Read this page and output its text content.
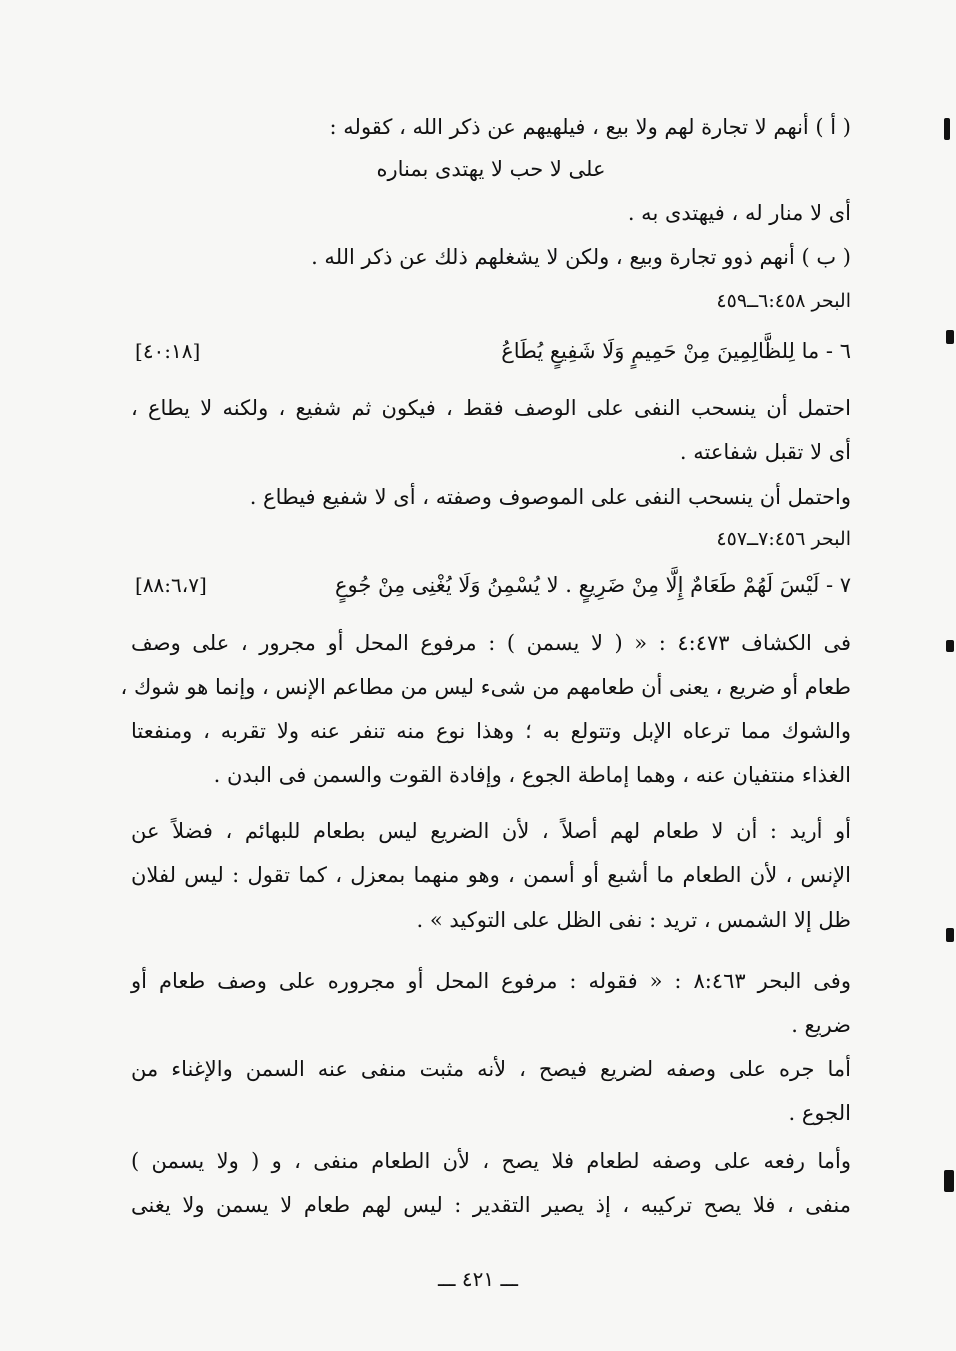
( أ ) أنهم لا تجارة لهم ولا بيع ، فيلهيهم عن ذكر الله ، كقوله :
على لا حب لا يهتدى بمناره
أى لا منار له ، فيهتدى به .
( ب ) أنهم ذوو تجارة وبيع ، ولكن لا يشغلهم ذلك عن ذكر الله .
البحر ٦:٤٥٨ــ٤٥٩
٦ - ما لِلظَّالِمِينَ مِنْ حَمِيمٍ وَلَا شَفِيعٍ يُطَاعُ
[٤٠:١٨]
احتمل أن ينسحب النفى على الوصف فقط ، فيكون ثم شفيع ، ولكنه لا يطاع ،
أى لا تقبل شفاعته .
واحتمل أن ينسحب النفى على الموصوف وصفته ، أى لا شفيع فيطاع .
البحر ٧:٤٥٦ــ٤٥٧
٧ - لَيْسَ لَهُمْ طَعَامٌ إِلَّا مِنْ ضَرِيعٍ . لا يُسْمِنُ وَلَا يُغْنِى مِنْ جُوعٍ
[٨٨:٦،٧]
فى الكشاف ٤:٤٧٣ : « ( لا يسمن ) : مرفوع المحل أو مجرور ، على وصف
طعام أو ضريع ، يعنى أن طعامهم من شىء ليس من مطاعم الإنس ، وإنما هو شوك ،
والشوك مما ترعاه الإبل وتتولع به ؛ وهذا نوع منه تنفر عنه ولا تقربه ، ومنفعتا
الغذاء منتفيان عنه ، وهما إماطة الجوع ، وإفادة القوت والسمن فى البدن .
أو أريد : أن لا طعام لهم أصلاً ، لأن الضريع ليس بطعام للبهائم ، فضلاً عن
الإنس ، لأن الطعام ما أشبع أو أسمن ، وهو منهما بمعزل ، كما تقول : ليس لفلان
ظل إلا الشمس ، تريد : نفى الظل على التوكيد » .
وفى البحر ٨:٤٦٣ : « فقوله : مرفوع المحل أو مجروره على وصف طعام أو
ضريع .
أما جره على وصفه لضريع فيصح ، لأنه مثبت منفى عنه السمن والإغناء من
الجوع .
وأما رفعه على وصفه لطعام فلا يصح ، لأن الطعام منفى ، و ( ولا يسمن )
منفى ، فلا يصح تركيبه ، إذ يصير التقدير : ليس لهم طعام لا يسمن ولا يغنى
ـــ ٤٢١ ـــ
